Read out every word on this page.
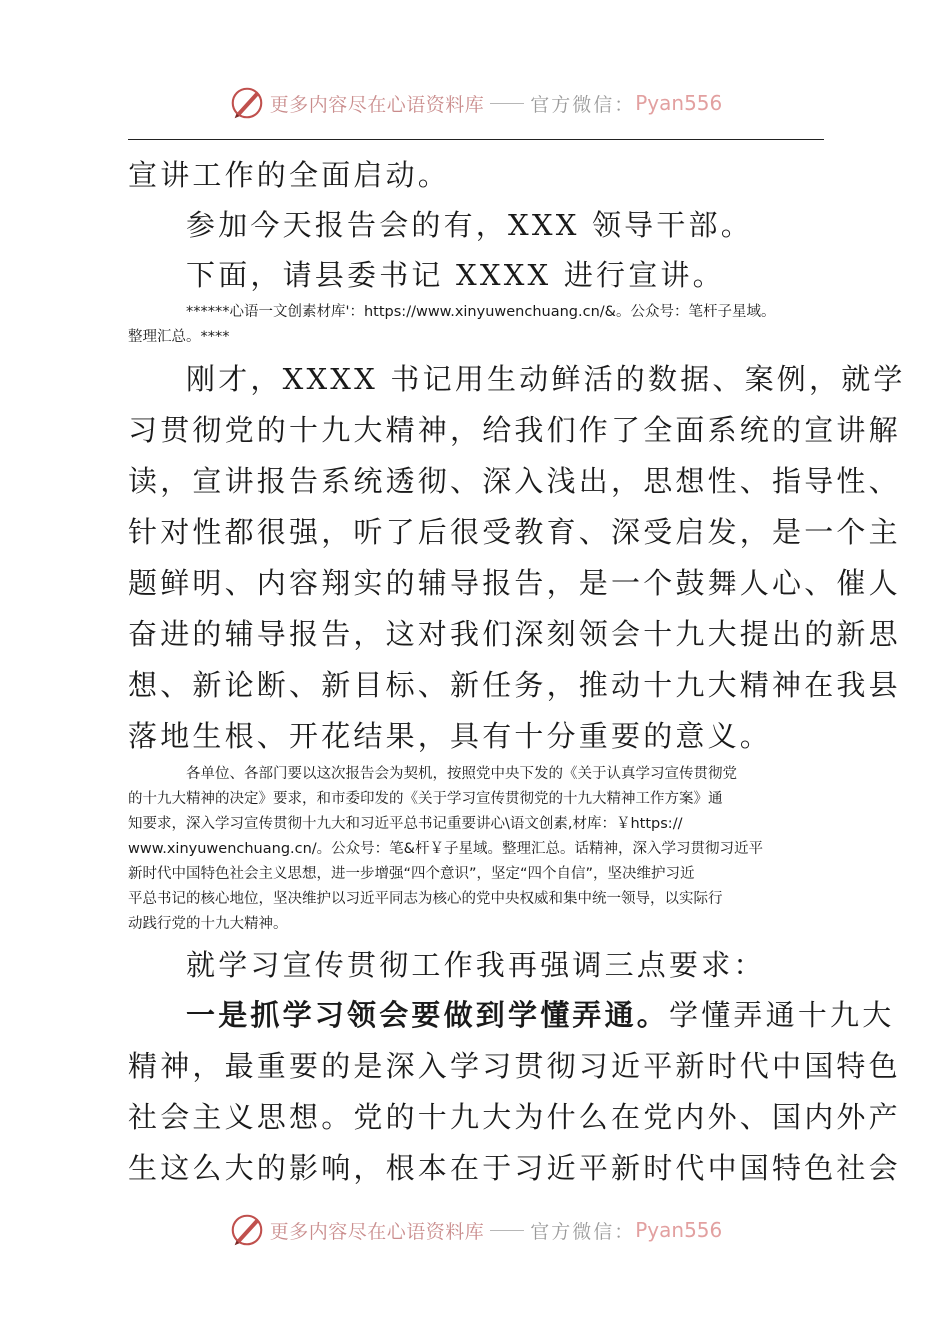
更多内容尽在心语资料库 官方微信： Pyan556
宣讲工作的全面启动。
参加今天报告会的有，XXX 领导干部。
下面，请县委书记 XXXX 进行宣讲。
******心语一文创素材库'：https://www.xinyuwenchuang.cn/&。公众号：笔杆子星域。
整理汇总。****
刚才，XXXX 书记用生动鲜活的数据、案例，就学
习贯彻党的十九大精神，给我们作了全面系统的宣讲解
读，宣讲报告系统透彻、深入浅出，思想性、指导性、
针对性都很强，听了后很受教育、深受启发，是一个主
题鲜明、内容翔实的辅导报告，是一个鼓舞人心、催人
奋进的辅导报告，这对我们深刻领会十九大提出的新思
想、新论断、新目标、新任务，推动十九大精神在我县
落地生根、开花结果，具有十分重要的意义。
各单位、各部门要以这次报告会为契机，按照党中央下发的《关于认真学习宣传贯彻党
的十九大精神的决定》要求，和市委印发的《关于学习宣传贯彻党的十九大精神工作方案》通
知要求，深入学习宣传贯彻十九大和习近平总书记重要讲心\语文创素,材库：￥https://
www.xinyuwenchuang.cn/。公众号：笔&杆￥子星域。整理汇总。话精神，深入学习贯彻习近平
新时代中国特色社会主义思想，进一步增强“四个意识”，坚定“四个自信”，坚决维护习近
平总书记的核心地位，坚决维护以习近平同志为核心的党中央权威和集中统一领导，以实际行
动践行党的十九大精神。
就学习宣传贯彻工作我再强调三点要求：
一是抓学习领会要做到学懂弄通。学懂弄通十九大
精神，最重要的是深入学习贯彻习近平新时代中国特色
社会主义思想。党的十九大为什么在党内外、国内外产
生这么大的影响，根本在于习近平新时代中国特色社会
更多内容尽在心语资料库 官方微信： Pyan556
